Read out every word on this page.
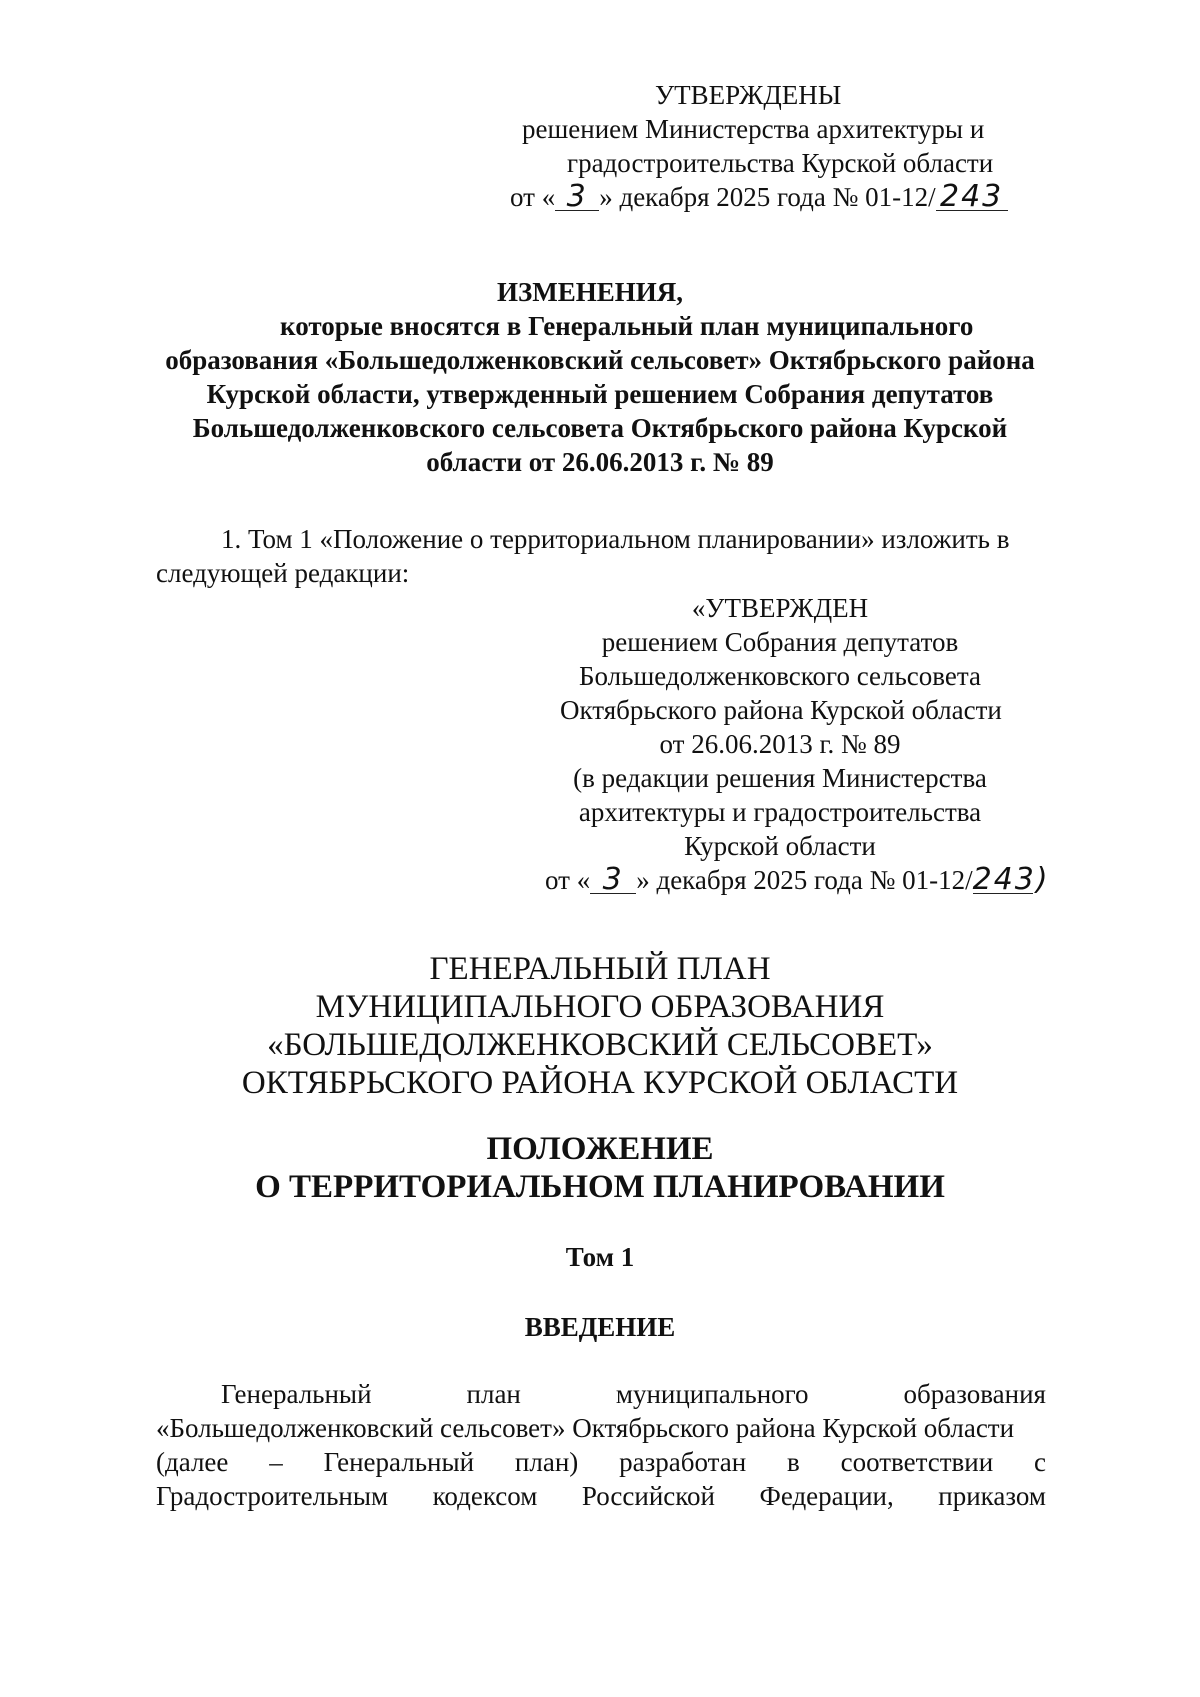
УТВЕРЖДЕНЫ
решением Министерства архитектуры и
градостроительства Курской области
от « 3 » декабря 2025 года № 01-12/ 243
ИЗМЕНЕНИЯ,
которые вносятся в Генеральный план муниципального
образования «Большедолженковский сельсовет» Октябрьского района
Курской области, утвержденный решением Собрания депутатов
Большедолженковского сельсовета Октябрьского района Курской
области от 26.06.2013 г. № 89
1. Том 1 «Положение о территориальном планировании» изложить в
следующей редакции:
«УТВЕРЖДЕН
решением Собрания депутатов
Большедолженковского сельсовета
Октябрьского района Курской области
от 26.06.2013 г. № 89
(в редакции решения Министерства
архитектуры и градостроительства
Курской области
от « 3 » декабря 2025 года № 01-12/243)
ГЕНЕРАЛЬНЫЙ ПЛАН
МУНИЦИПАЛЬНОГО ОБРАЗОВАНИЯ
«БОЛЬШЕДОЛЖЕНКОВСКИЙ СЕЛЬСОВЕТ»
ОКТЯБРЬСКОГО РАЙОНА КУРСКОЙ ОБЛАСТИ
ПОЛОЖЕНИЕ
О ТЕРРИТОРИАЛЬНОМ ПЛАНИРОВАНИИ
Том 1
ВВЕДЕНИЕ
Генеральный	план	муниципального	образования
«Большедолженковский сельсовет» Октябрьского района Курской области
(далее – Генеральный план) разработан в соответствии с
Градостроительным кодексом Российской Федерации, приказом
